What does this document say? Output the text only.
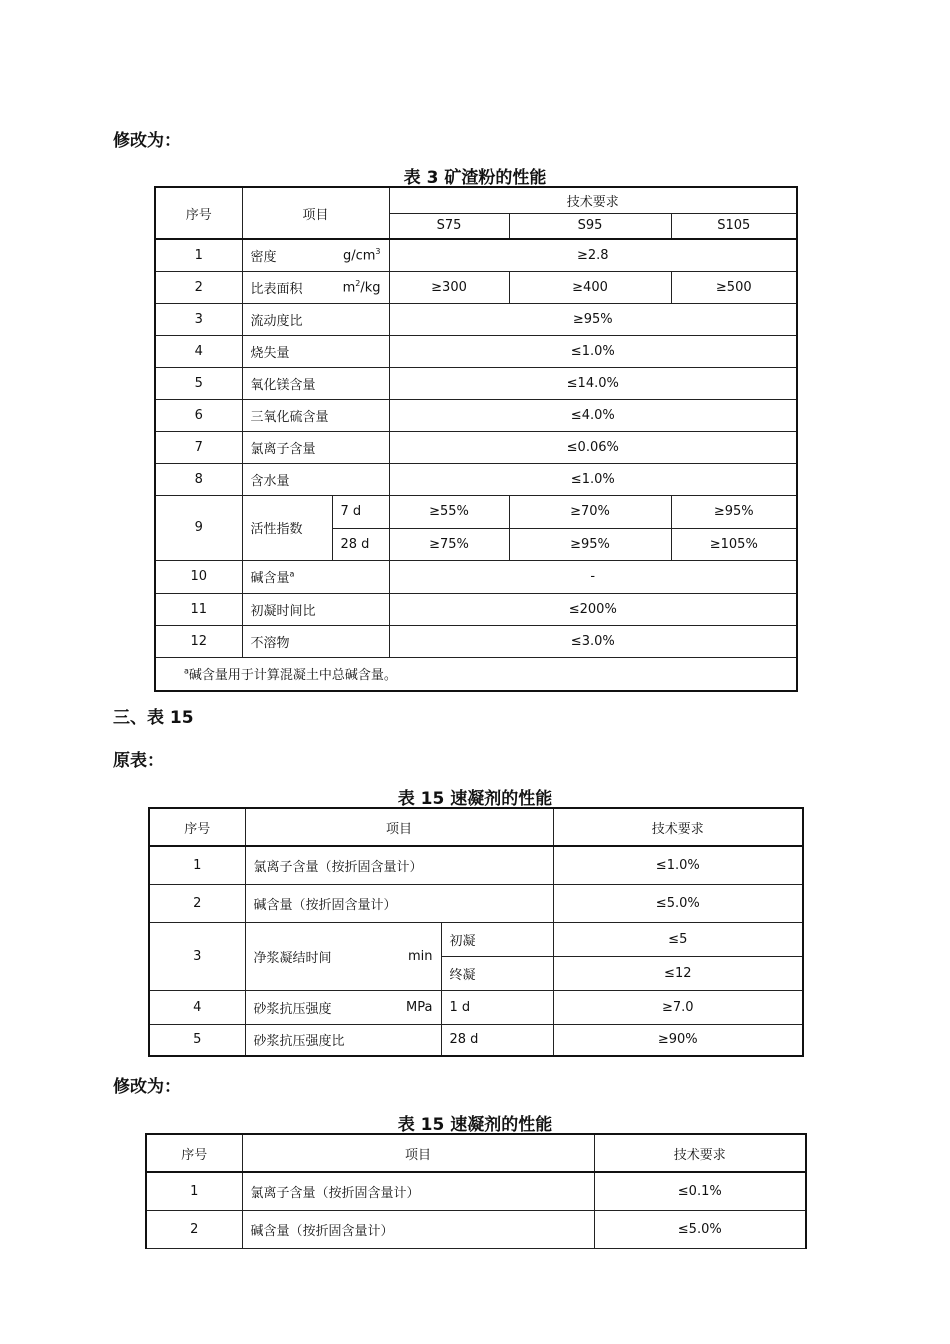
修改为：
表 3 矿渣粉的性能
序号	项目		技术要求		
			S75	S95	S105
1	密度 $g/cm^3$		≥2.8		
2	比表面积 $m^2/kg$		≥300	≥400	≥500
3	流动度比		≥95%		
4	烧失量		≤1.0%		
5	氧化镁含量		≤14.0%		
6	三氧化硫含量		≤4.0%		
7	氯离子含量		≤0.06%		
8	含水量		≤1.0%		
9	活性指数	7 d	≥55%	≥70%	≥95%
		28 d	≥75%	≥95%	≥105%
10	碱含量$^a$		-		
11	初凝时间比		≤200%		
12	不溶物		≤3.0%		
$^a$碱含量用于计算混凝土中总碱含量。					
三、表 15
原表：
表 15 速凝剂的性能
序号	项目		技术要求
1	氯离子含量（按折固含量计）		≤1.0%
2	碱含量（按折固含量计）		≤5.0%
3	净浆凝结时间 min	初凝	≤5
		终凝	≤12
4	砂浆抗压强度 MPa	1 d	≥7.0
5	砂浆抗压强度比	28 d	≥90%
修改为：
表 15 速凝剂的性能
序号	项目	技术要求
1	氯离子含量（按折固含量计）	≤0.1%
2	碱含量（按折固含量计）	≤5.0%
